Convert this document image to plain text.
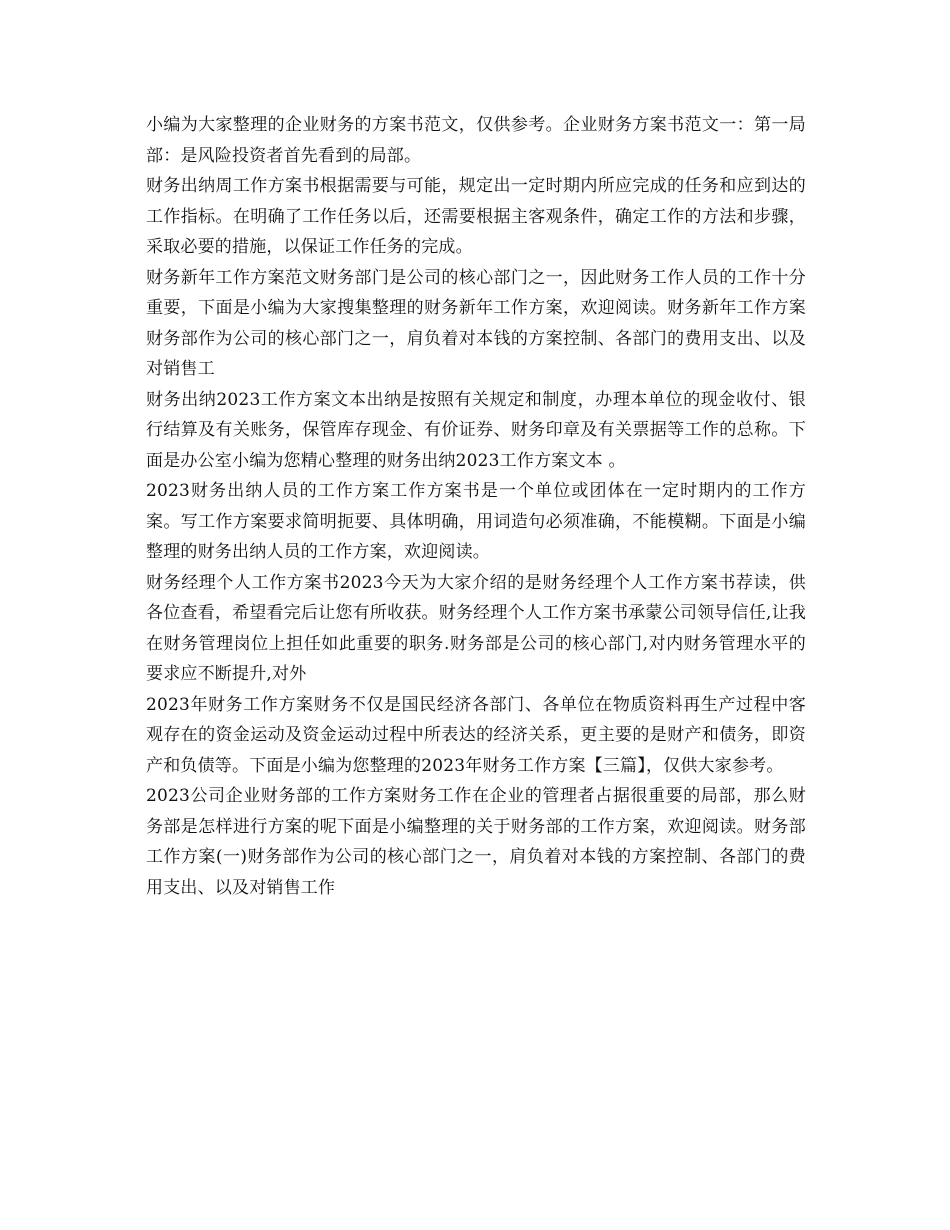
小编为大家整理的企业财务的方案书范文，仅供参考。企业财务方案书范文一：第一局部：是风险投资者首先看到的局部。

财务出纳周工作方案书根据需要与可能，规定出一定时期内所应完成的任务和应到达的工作指标。在明确了工作任务以后，还需要根据主客观条件，确定工作的方法和步骤，采取必要的措施，以保证工作任务的完成。

财务新年工作方案范文财务部门是公司的核心部门之一，因此财务工作人员的工作十分重要，下面是小编为大家搜集整理的财务新年工作方案，欢迎阅读。财务新年工作方案财务部作为公司的核心部门之一，肩负着对本钱的方案控制、各部门的费用支出、以及对销售工

财务出纳2023工作方案文本出纳是按照有关规定和制度，办理本单位的现金收付、银行结算及有关账务，保管库存现金、有价证券、财务印章及有关票据等工作的总称。下面是办公室小编为您精心整理的财务出纳2023工作方案文本 。

2023财务出纳人员的工作方案工作方案书是一个单位或团体在一定时期内的工作方案。写工作方案要求简明扼要、具体明确，用词造句必须准确，不能模糊。下面是小编整理的财务出纳人员的工作方案，欢迎阅读。

财务经理个人工作方案书2023今天为大家介绍的是财务经理个人工作方案书荐读，供各位查看，希望看完后让您有所收获。财务经理个人工作方案书承蒙公司领导信任,让我在财务管理岗位上担任如此重要的职务.财务部是公司的核心部门,对内财务管理水平的要求应不断提升,对外

2023年财务工作方案财务不仅是国民经济各部门、各单位在物质资料再生产过程中客观存在的资金运动及资金运动过程中所表达的经济关系，更主要的是财产和债务，即资产和负债等。下面是小编为您整理的2023年财务工作方案【三篇】，仅供大家参考。

2023公司企业财务部的工作方案财务工作在企业的管理者占据很重要的局部，那么财务部是怎样进行方案的呢下面是小编整理的关于财务部的工作方案，欢迎阅读。财务部工作方案(一)财务部作为公司的核心部门之一，肩负着对本钱的方案控制、各部门的费用支出、以及对销售工作
